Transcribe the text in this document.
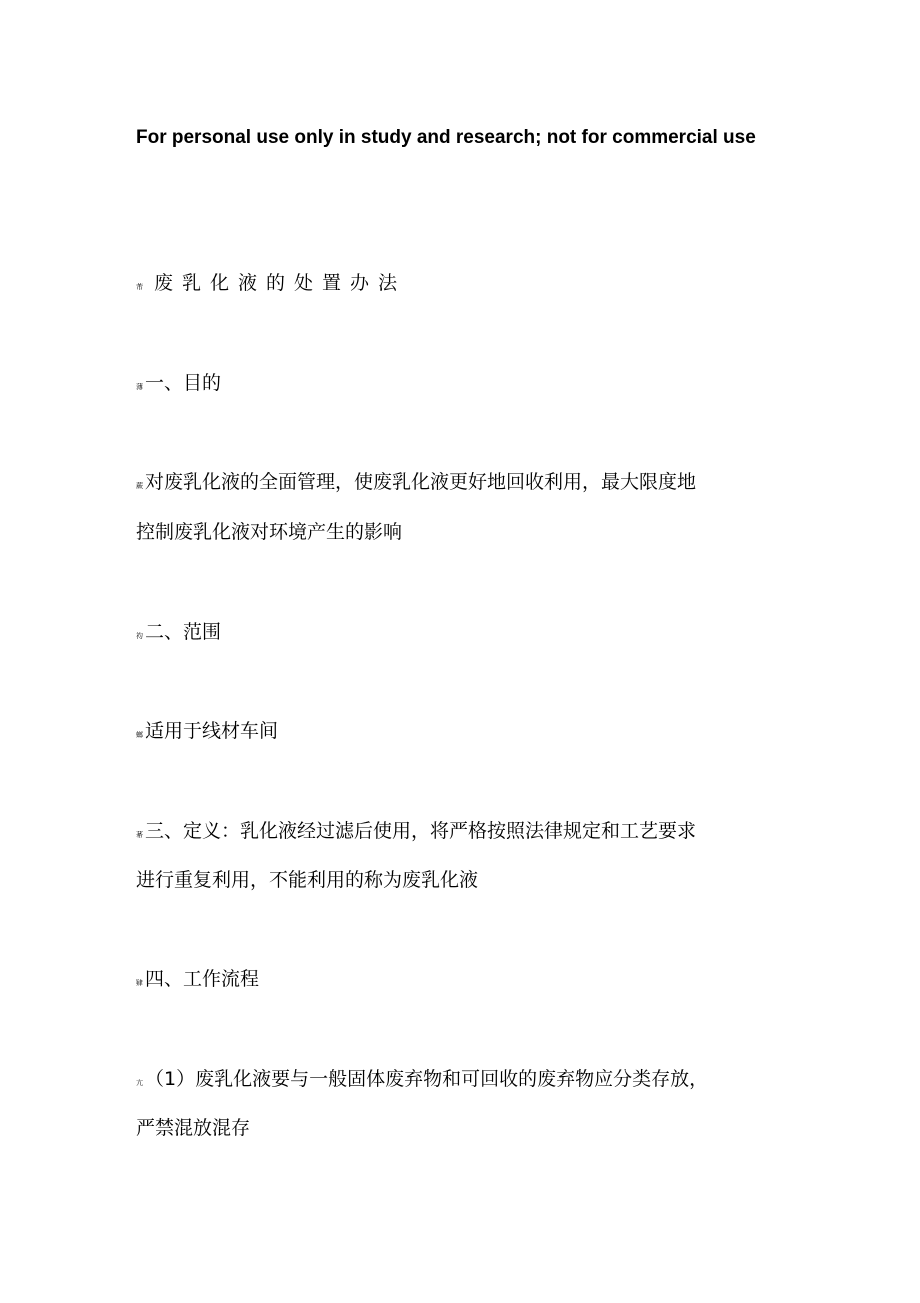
For personal use only in study and research; not for commercial use
芾 废乳化液的处置办法
薄 一、目的
蕨 对废乳化液的全面管理，使废乳化液更好地回收利用，最大限度地
控制废乳化液对环境产生的影响
袀 二、范围
螂 适用于线材车间
莃 三、定义：乳化液经过滤后使用，将严格按照法律规定和工艺要求
进行重复利用，不能利用的称为废乳化液
肄 四、工作流程
亢 （1）废乳化液要与一般固体废弃物和可回收的废弃物应分类存放，
严禁混放混存
